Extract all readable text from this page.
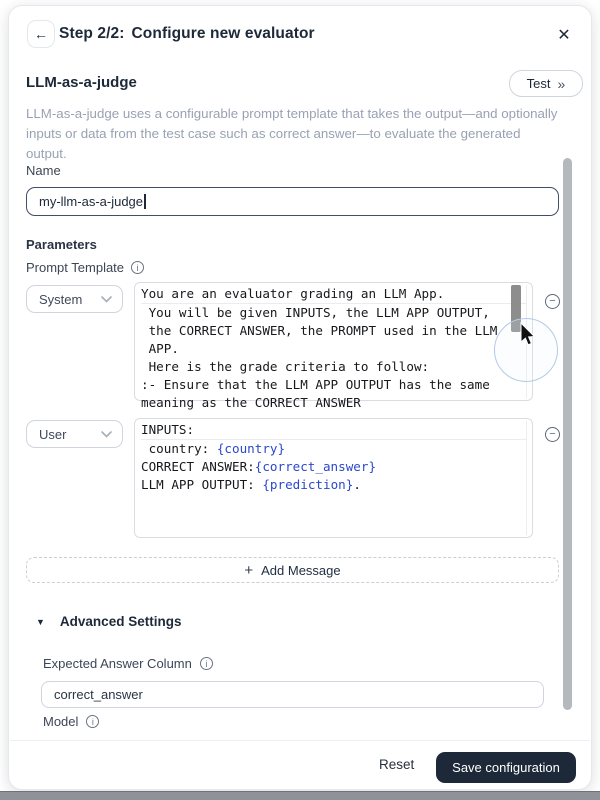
← Step 2/2: Configure new evaluator	✕
LLM-as-a-judge	Test »
LLM-as-a-judge uses a configurable prompt template that takes the output—and optionally inputs or data from the test case such as correct answer—to evaluate the generated output.
Name
my-llm-as-a-judge
Parameters
Prompt Template i
System	You are an evaluator grading an LLM App.
You will be given INPUTS, the LLM APP OUTPUT,
the CORRECT ANSWER, the PROMPT used in the LLM
APP.
Here is the grade criteria to follow:
:- Ensure that the LLM APP OUTPUT has the same
meaning as the CORRECT ANSWER
−
User	INPUTS:
country: {country}
CORRECT ANSWER:{correct_answer}
LLM APP OUTPUT: {prediction}.
−
+ Add Message
▼ Advanced Settings
Expected Answer Column i
correct_answer
Model i
Reset	Save configuration
